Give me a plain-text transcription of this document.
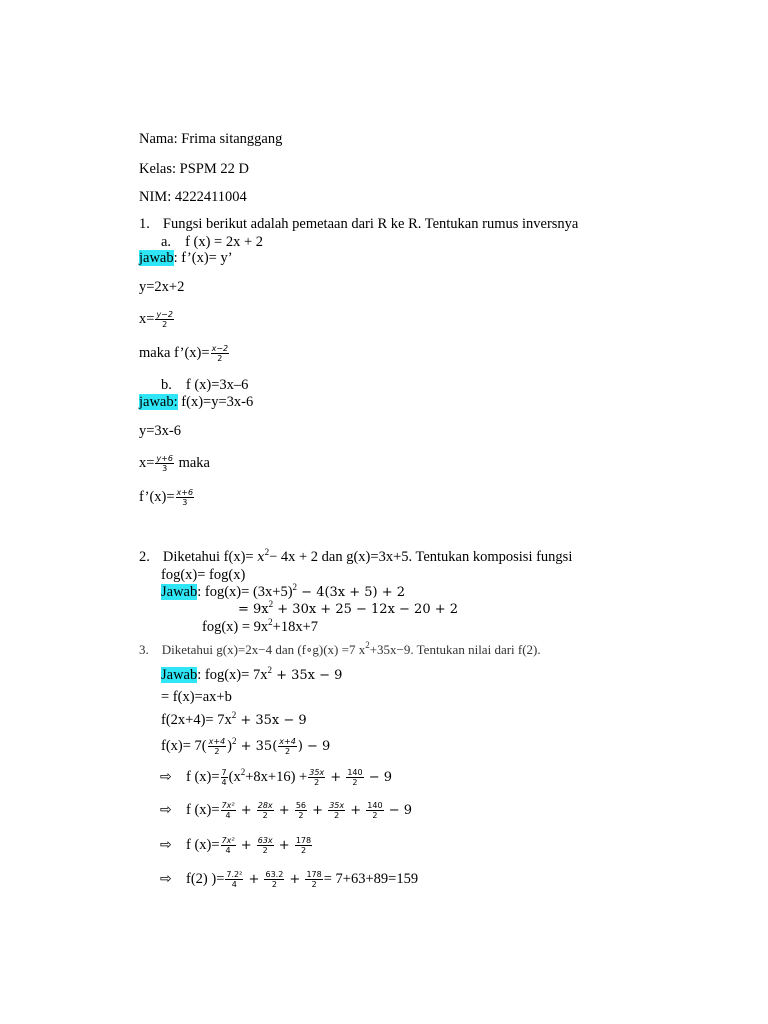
Nama: Frima sitanggang
Kelas: PSPM 22 D
NIM: 4222411004
1. Fungsi berikut adalah pemetaan dari R ke R. Tentukan rumus inversnya
a. f (x) = 2x + 2
jawab: f’(x)= y’
y=2x+2
$x= \frac{y-2}{2}$
maka f’(x)= $\frac{x-2}{2}$
b. f (x)=3x–6
jawab: f(x)=y=3x-6
y=3x-6
$x= \frac{y+6}{3}$ maka
f’(x)= $\frac{x+6}{3}$
2. Diketahui $f(x)= x^2- 4x + 2$ dan g(x)=3x+5. Tentukan komposisi fungsi
fog(x)= fog(x)
Jawab: $fog(x)= (3x+5)^2 - 4(3x + 5) + 2$
= $9x^2 + 30x + 25 - 12x - 20 + 2$
$fog(x) = 9x^2+18x+7$
3. Diketahui g(x)=2x−4 dan (f∘g)(x) =7 $x^2+35x-9$. Tentukan nilai dari f(2).
Jawab: $fog(x)= 7x^2 + 35x - 9$
= f(x)=ax+b
$f(2x+4)= 7x^2 + 35x - 9$
$f(x)= 7( \frac{x+4}{2} )^2 + 35( \frac{x+4}{2}$ ) − 9
⇨ f $(x)= \frac{7}{4} (x^2+8x+16) + \frac{35x}{2} + \frac{140}{2} - 9$
⇨ f $(x)= \frac{\text{7x²}}{4} + \frac{28x}{2} + \frac{56}{2} + \frac{35x}{2} + \frac{140}{2} - 9$
⇨ f $(x)= \frac{\text{7x²}}{4} + \frac{63x}{2} + \frac{178}{2}$
⇨ f(2) )= $\frac{\text{7.2²}}{4} + \frac{63.2}{2} + \frac{178}{2} = 7+63+89=159$
